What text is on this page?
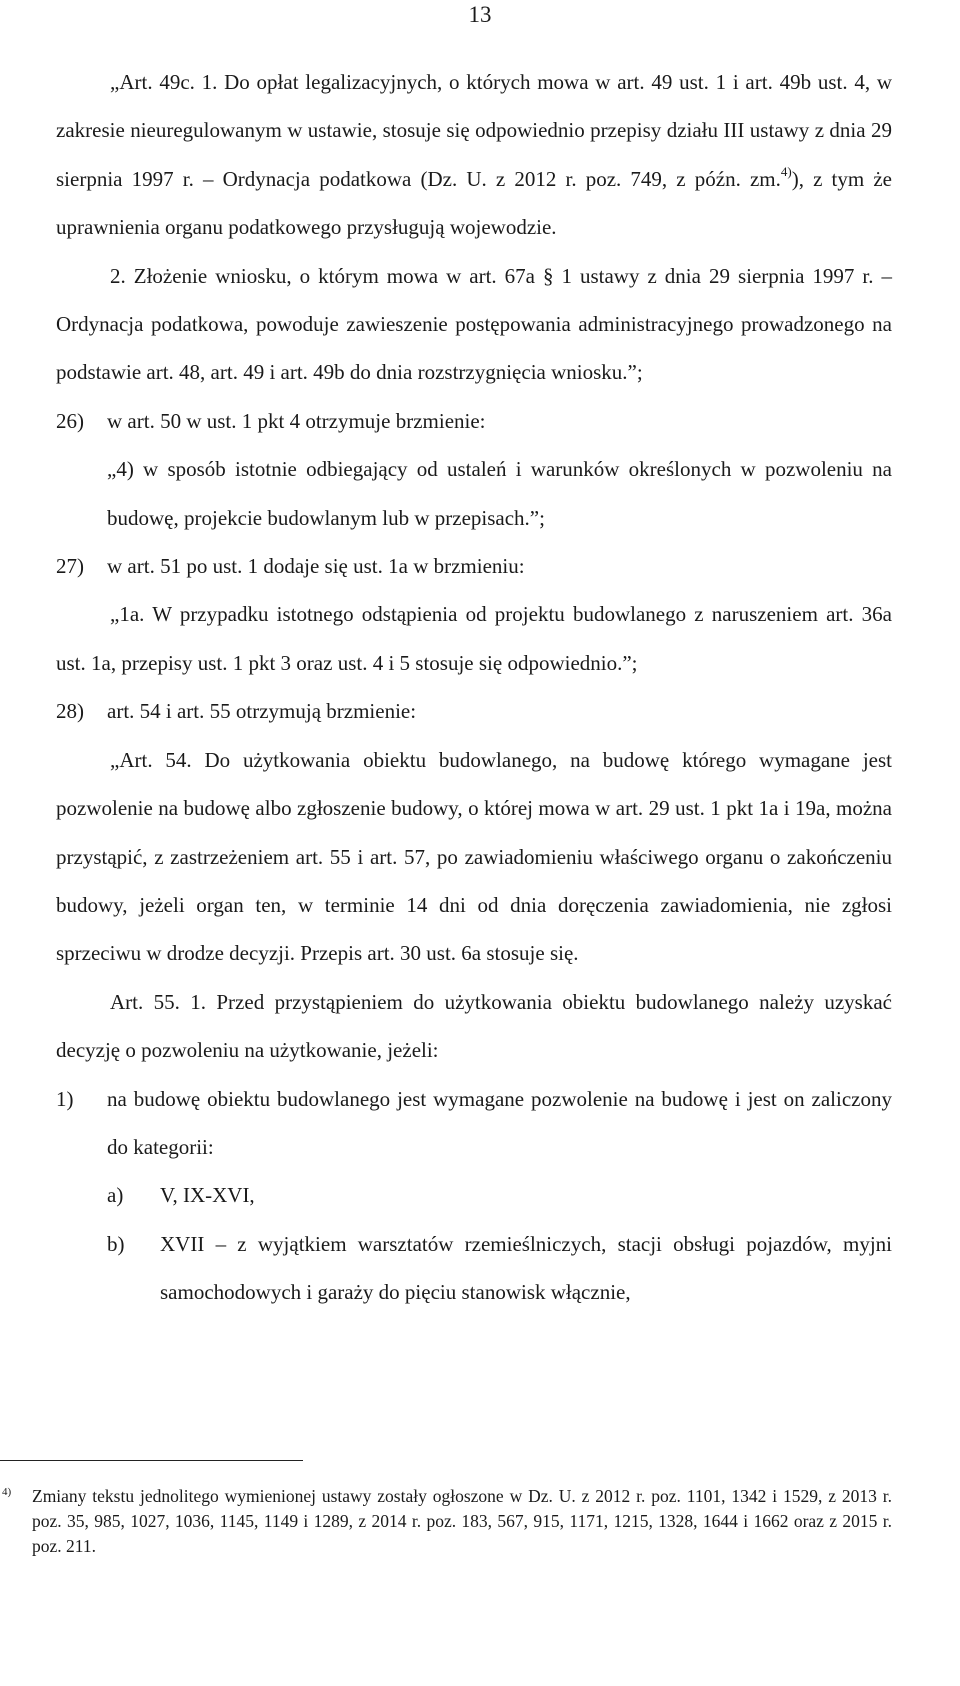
13

„Art. 49c. 1. Do opłat legalizacyjnych, o których mowa w art. 49 ust. 1 i art. 49b ust. 4, w zakresie nieuregulowanym w ustawie, stosuje się odpowiednio przepisy działu III ustawy z dnia 29 sierpnia 1997 r. – Ordynacja podatkowa (Dz. U. z 2012 r. poz. 749, z późn. zm.$^{4)}$), z tym że uprawnienia organu podatkowego przysługują wojewodzie.

2. Złożenie wniosku, o którym mowa w art. 67a § 1 ustawy z dnia 29 sierpnia 1997 r. – Ordynacja podatkowa, powoduje zawieszenie postępowania administracyjnego prowadzonego na podstawie art. 48, art. 49 i art. 49b do dnia rozstrzygnięcia wniosku.”;

26) w art. 50 w ust. 1 pkt 4 otrzymuje brzmienie:

„4) w sposób istotnie odbiegający od ustaleń i warunków określonych w pozwoleniu na budowę, projekcie budowlanym lub w przepisach.”;

27) w art. 51 po ust. 1 dodaje się ust. 1a w brzmieniu:

„1a. W przypadku istotnego odstąpienia od projektu budowlanego z naruszeniem art. 36a ust. 1a, przepisy ust. 1 pkt 3 oraz ust. 4 i 5 stosuje się odpowiednio.”;

28) art. 54 i art. 55 otrzymują brzmienie:

„Art. 54. Do użytkowania obiektu budowlanego, na budowę którego wymagane jest pozwolenie na budowę albo zgłoszenie budowy, o której mowa w art. 29 ust. 1 pkt 1a i 19a, można przystąpić, z zastrzeżeniem art. 55 i art. 57, po zawiadomieniu właściwego organu o zakończeniu budowy, jeżeli organ ten, w terminie 14 dni od dnia doręczenia zawiadomienia, nie zgłosi sprzeciwu w drodze decyzji. Przepis art. 30 ust. 6a stosuje się.

Art. 55. 1. Przed przystąpieniem do użytkowania obiektu budowlanego należy uzyskać decyzję o pozwoleniu na użytkowanie, jeżeli:

1) na budowę obiektu budowlanego jest wymagane pozwolenie na budowę i jest on zaliczony do kategorii:

a) V, IX-XVI,

b) XVII – z wyjątkiem warsztatów rzemieślniczych, stacji obsługi pojazdów, myjni samochodowych i garaży do pięciu stanowisk włącznie,

4) Zmiany tekstu jednolitego wymienionej ustawy zostały ogłoszone w Dz. U. z 2012 r. poz. 1101, 1342 i 1529, z 2013 r. poz. 35, 985, 1027, 1036, 1145, 1149 i 1289, z 2014 r. poz. 183, 567, 915, 1171, 1215, 1328, 1644 i 1662 oraz z 2015 r. poz. 211.
